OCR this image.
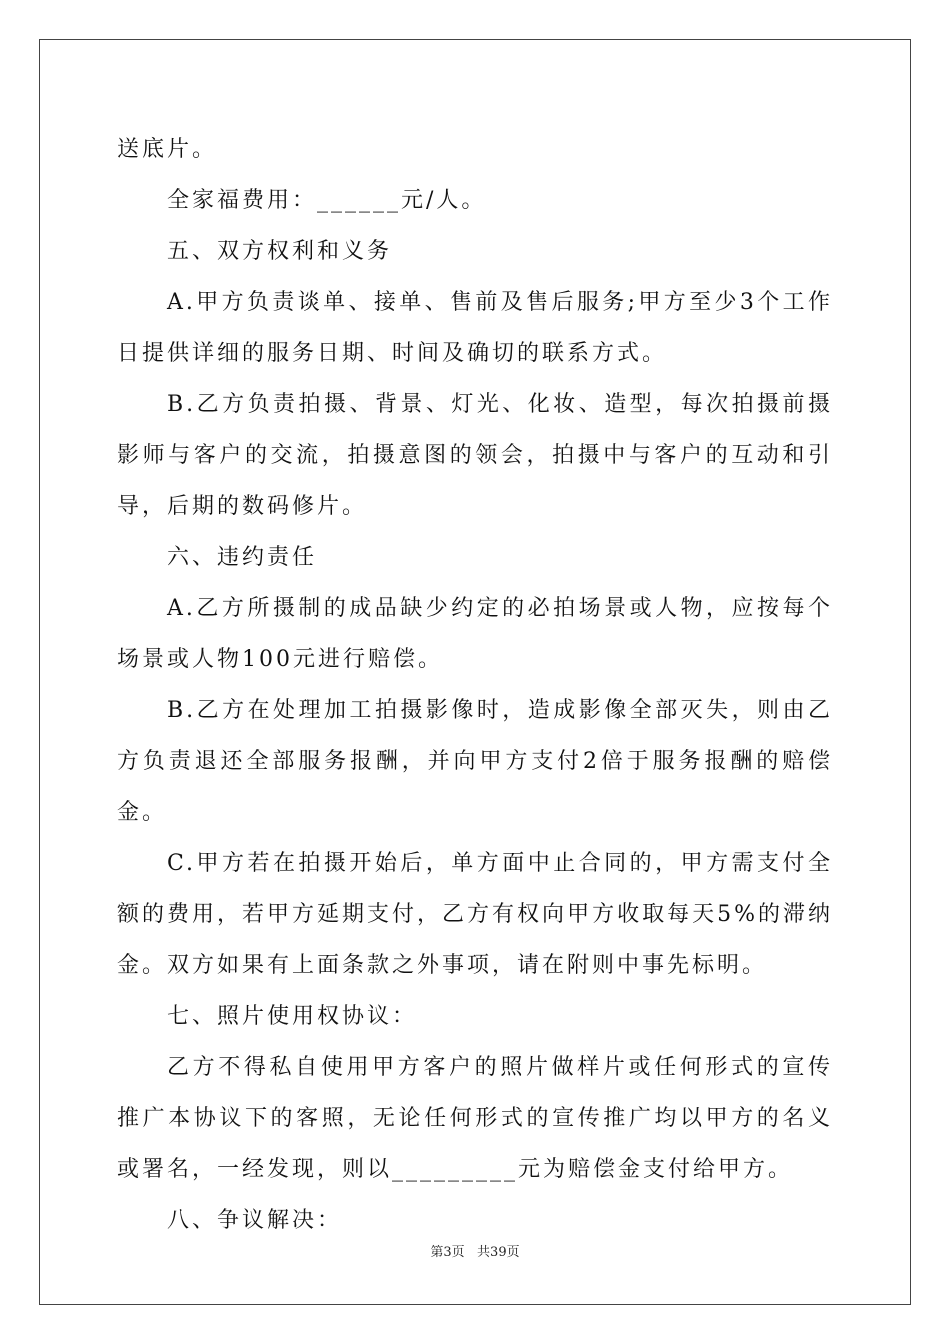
送底片。

全家福费用：______元/人。

五、双方权利和义务

A.甲方负责谈单、接单、售前及售后服务;甲方至少3个工作日提供详细的服务日期、时间及确切的联系方式。

B.乙方负责拍摄、背景、灯光、化妆、造型，每次拍摄前摄影师与客户的交流，拍摄意图的领会，拍摄中与客户的互动和引导，后期的数码修片。

六、违约责任

A.乙方所摄制的成品缺少约定的必拍场景或人物，应按每个场景或人物100元进行赔偿。

B.乙方在处理加工拍摄影像时，造成影像全部灭失，则由乙方负责退还全部服务报酬，并向甲方支付2倍于服务报酬的赔偿金。

C.甲方若在拍摄开始后，单方面中止合同的，甲方需支付全额的费用，若甲方延期支付，乙方有权向甲方收取每天5%的滞纳金。双方如果有上面条款之外事项，请在附则中事先标明。

七、照片使用权协议：

乙方不得私自使用甲方客户的照片做样片或任何形式的宣传推广本协议下的客照，无论任何形式的宣传推广均以甲方的名义或署名，一经发现，则以_________元为赔偿金支付给甲方。

八、争议解决：

第3页   共39页
